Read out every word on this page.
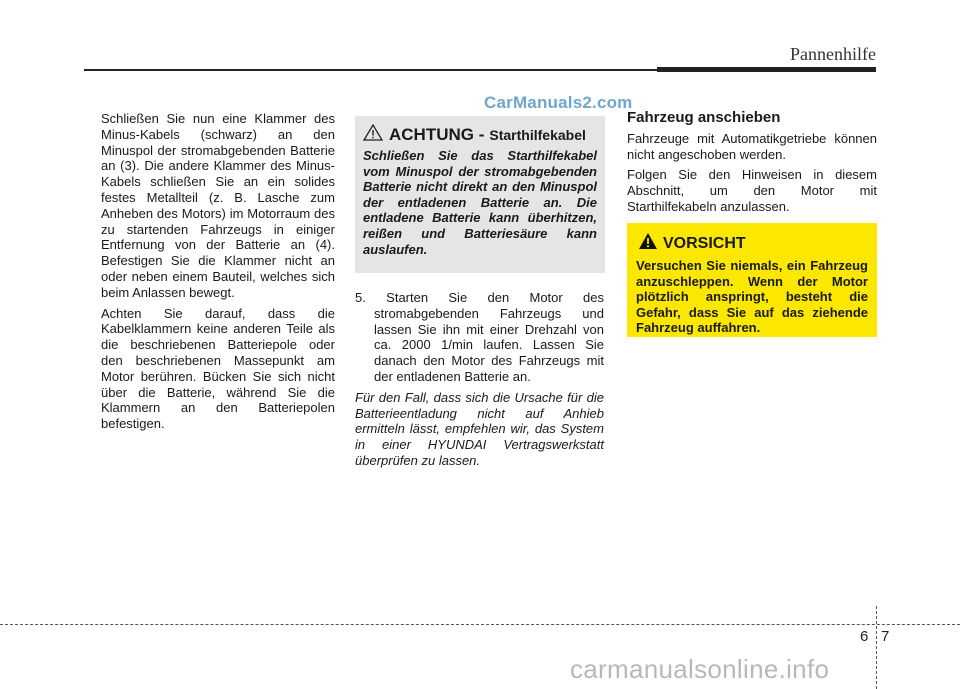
Pannenhilfe
CarManuals2.com

Schließen Sie nun eine Klammer des Minus-Kabels (schwarz) an den Minuspol der stromabgebenden Batterie an (3). Die andere Klammer des Minus-Kabels schließen Sie an ein solides festes Metallteil (z. B. Lasche zum Anheben des Motors) im Motorraum des zu startenden Fahrzeugs in einiger Entfernung von der Batterie an (4). Befestigen Sie die Klammer nicht an oder neben einem Bauteil, welches sich beim Anlassen bewegt.

Achten Sie darauf, dass die Kabelklammern keine anderen Teile als die beschriebenen Batteriepole oder den beschriebenen Massepunkt am Motor berühren. Bücken Sie sich nicht über die Batterie, während Sie die Klammern an den Batteriepolen befestigen.

ACHTUNG - Starthilfekabel

Schließen Sie das Starthilfekabel vom Minuspol der stromabgebenden Batterie nicht direkt an den Minuspol der entladenen Batterie an. Die entladene Batterie kann überhitzen, reißen und Batteriesäure kann auslaufen.

5. Starten Sie den Motor des stromabgebenden Fahrzeugs und lassen Sie ihn mit einer Drehzahl von ca. 2000 1/min laufen. Lassen Sie danach den Motor des Fahrzeugs mit der entladenen Batterie an.

Für den Fall, dass sich die Ursache für die Batterieentladung nicht auf Anhieb ermitteln lässt, empfehlen wir, das System in einer HYUNDAI Vertragswerkstatt überprüfen zu lassen.

Fahrzeug anschieben

Fahrzeuge mit Automatikgetriebe können nicht angeschoben werden.

Folgen Sie den Hinweisen in diesem Abschnitt, um den Motor mit Starthilfekabeln anzulassen.

VORSICHT

Versuchen Sie niemals, ein Fahrzeug anzuschleppen. Wenn der Motor plötzlich anspringt, besteht die Gefahr, dass Sie auf das ziehende Fahrzeug auffahren.

6 7
carmanualsonline.info
